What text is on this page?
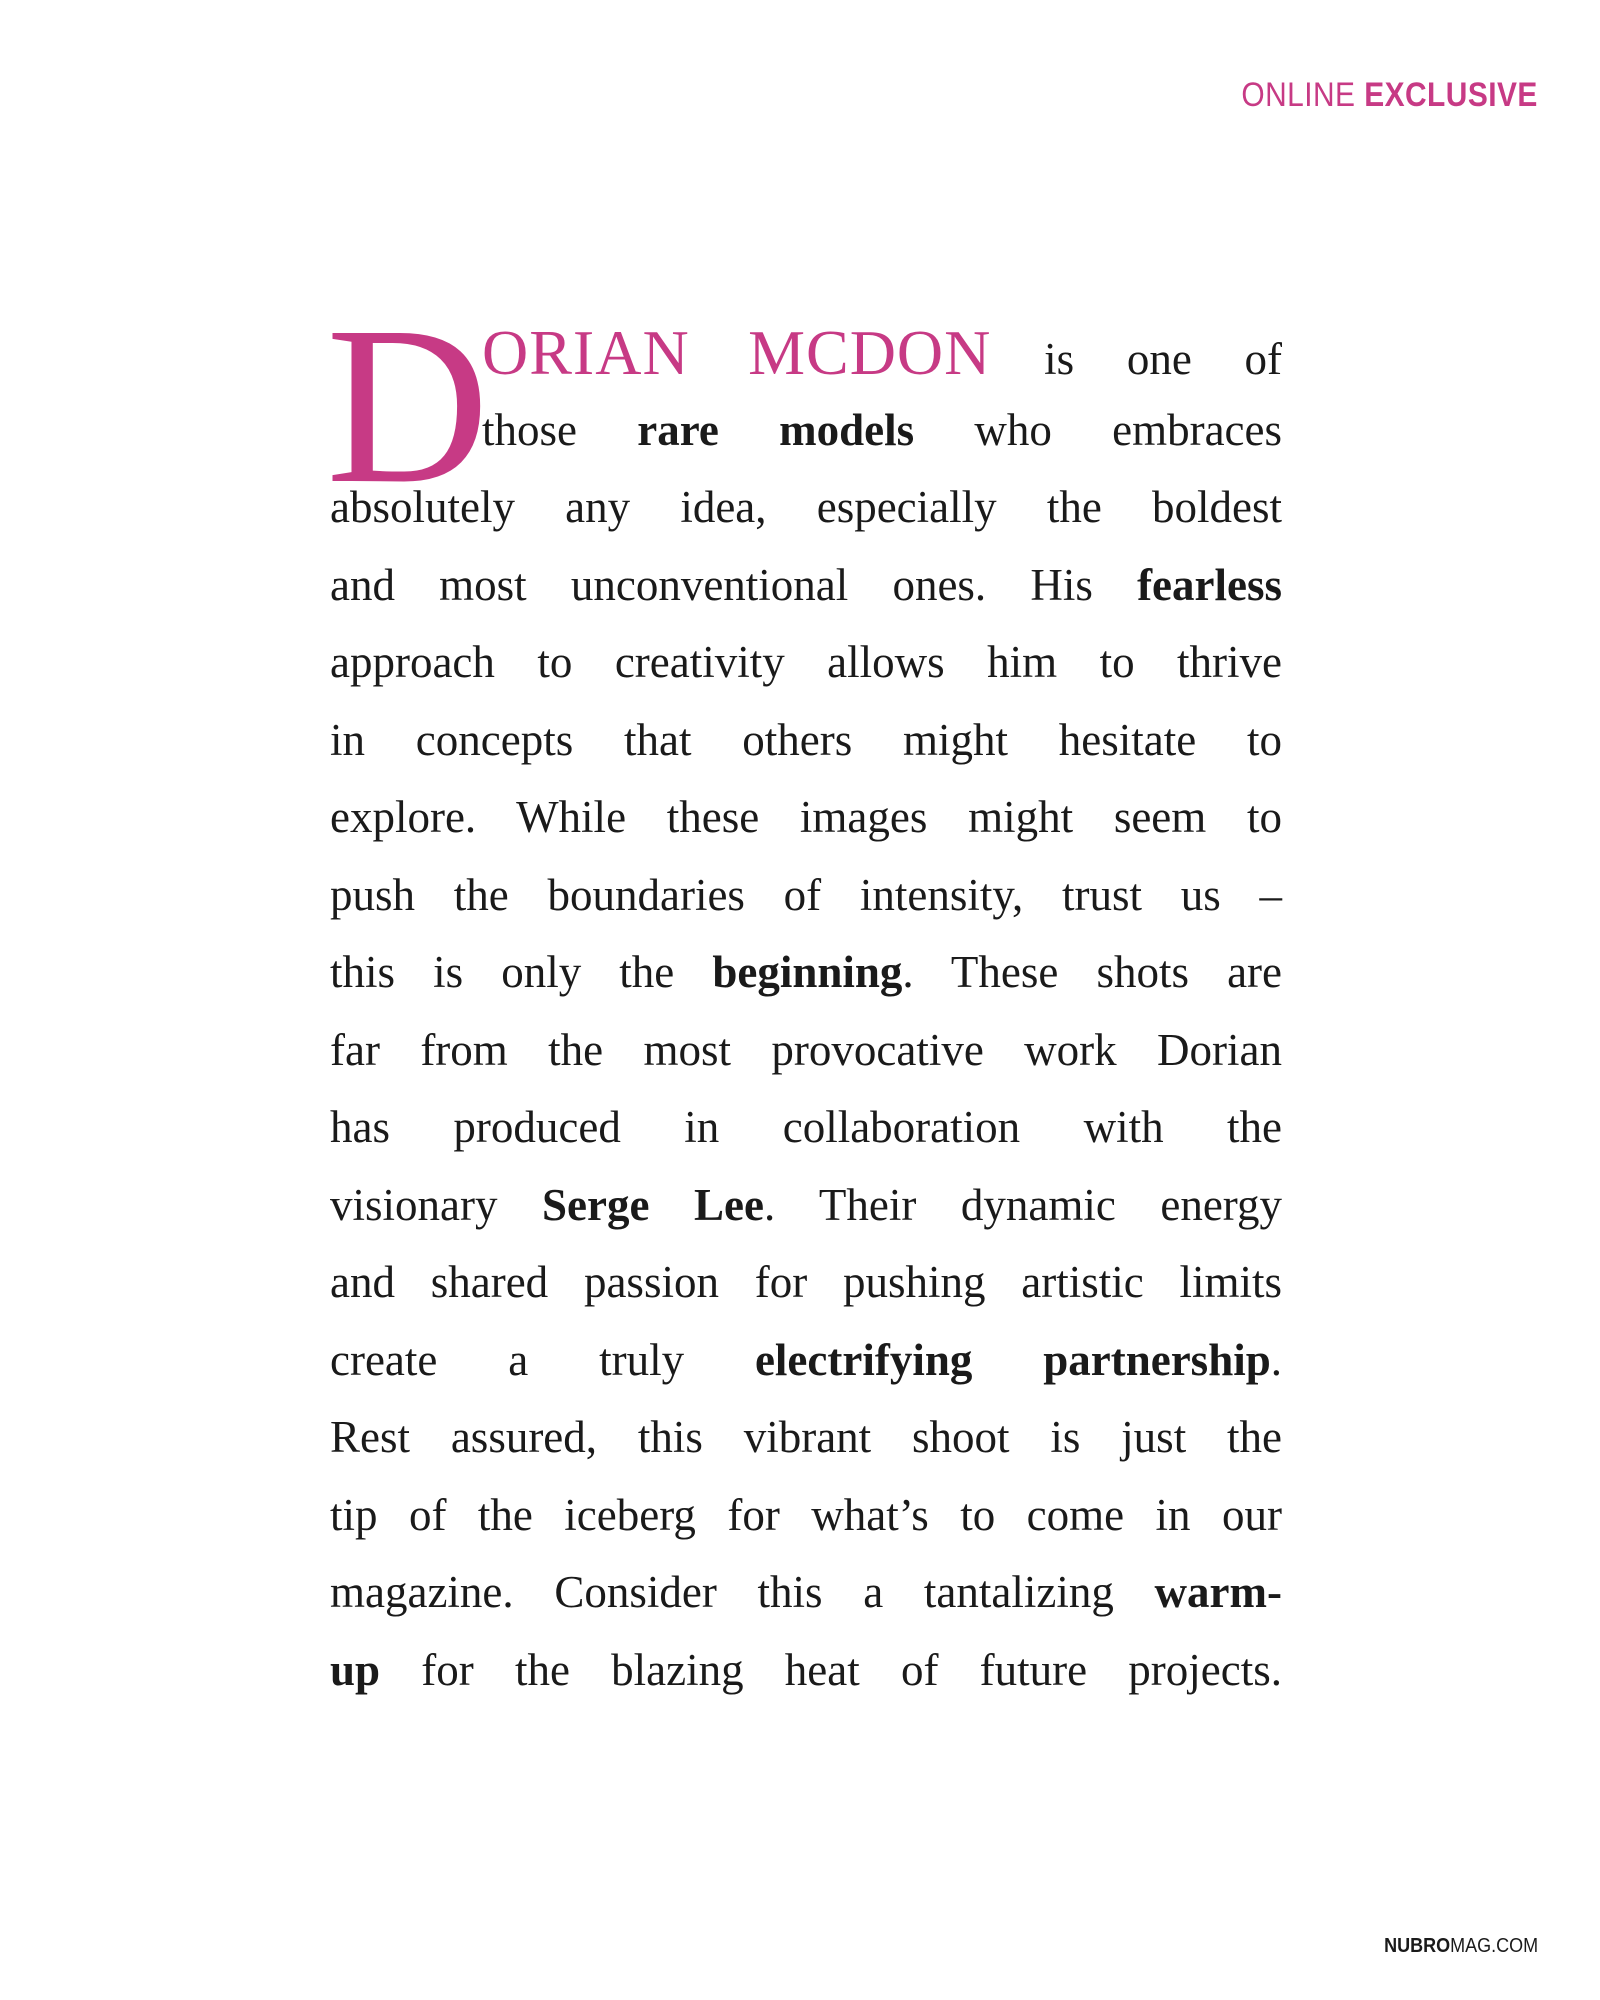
ONLINE EXCLUSIVE
D
ORIAN MCDON is one of
those rare models who embraces
absolutely any idea, especially the boldest
and most unconventional ones. His fearless
approach to creativity allows him to thrive
in concepts that others might hesitate to
explore. While these images might seem to
push the boundaries of intensity, trust us –
this is only the beginning. These shots are
far from the most provocative work Dorian
has produced in collaboration with the
visionary Serge Lee. Their dynamic energy
and shared passion for pushing artistic limits
create a truly electrifying partnership.
Rest assured, this vibrant shoot is just the
tip of the iceberg for what’s to come in our
magazine. Consider this a tantalizing warm-
up for the blazing heat of future projects.
NUBROMAG.COM
